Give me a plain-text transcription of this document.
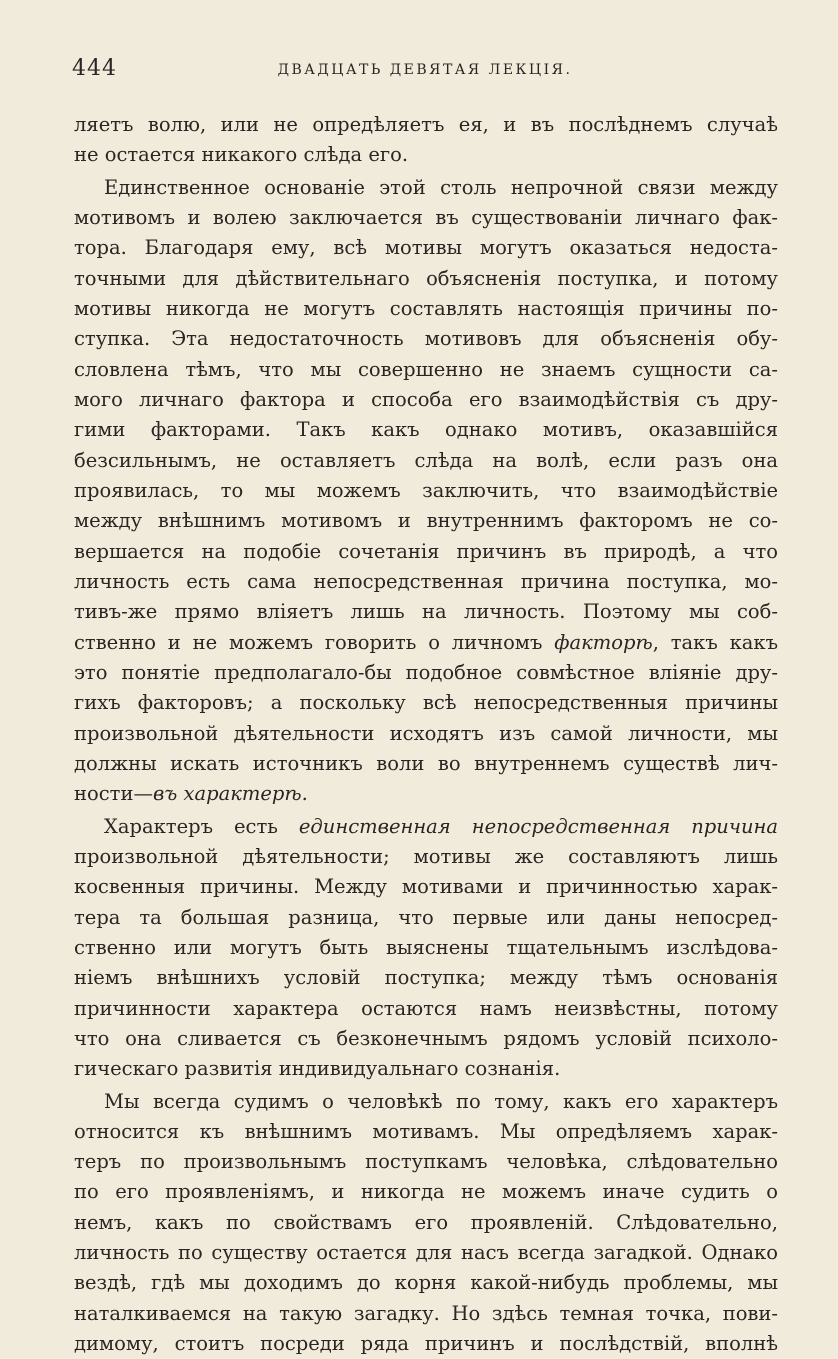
444	ДВАДЦАТЬ ДЕВЯТАЯ ЛЕКЦІЯ.
ляетъ волю, или не опредѣляетъ ея, и въ послѣднемъ случаѣ
не остается никакого слѣда его.
Единственное основаніе этой столь непрочной связи между
мотивомъ и волею заключается въ существованіи личнаго фак-
тора. Благодаря ему, всѣ мотивы могутъ оказаться недоста-
точными для дѣйствительнаго объясненія поступка, и потому
мотивы никогда не могутъ составлять настоящія причины по-
ступка. Эта недостаточность мотивовъ для объясненія обу-
словлена тѣмъ, что мы совершенно не знаемъ сущности са-
мого личнаго фактора и способа его взаимодѣйствія съ дру-
гими факторами. Такъ какъ однако мотивъ, оказавшійся
безсильнымъ, не оставляетъ слѣда на волѣ, если разъ она
проявилась, то мы можемъ заключить, что взаимодѣйствіе
между внѣшнимъ мотивомъ и внутреннимъ факторомъ не со-
вершается на подобіе сочетанія причинъ въ природѣ, а что
личность есть сама непосредственная причина поступка, мо-
тивъ-же прямо вліяетъ лишь на личность. Поэтому мы соб-
ственно и не можемъ говорить о личномъ факторѣ, такъ какъ
это понятіе предполагало-бы подобное совмѣстное вліяніе дру-
гихъ факторовъ; а поскольку всѣ непосредственныя причины
произвольной дѣятельности исходятъ изъ самой личности, мы
должны искать источникъ воли во внутреннемъ существѣ лич-
ности—въ характерѣ.
Характеръ есть единственная непосредственная причина
произвольной дѣятельности; мотивы же составляютъ лишь
косвенныя причины. Между мотивами и причинностью харак-
тера та большая разница, что первые или даны непосред-
ственно или могутъ быть выяснены тщательнымъ изслѣдова-
ніемъ внѣшнихъ условій поступка; между тѣмъ основанія
причинности характера остаются намъ неизвѣстны, потому
что она сливается съ безконечнымъ рядомъ условій психоло-
гическаго развитія индивидуальнаго сознанія.
Мы всегда судимъ о человѣкѣ по тому, какъ его характеръ
относится къ внѣшнимъ мотивамъ. Мы опредѣляемъ харак-
теръ по произвольнымъ поступкамъ человѣка, слѣдовательно
по его проявленіямъ, и никогда не можемъ иначе судить о
немъ, какъ по свойствамъ его проявленій. Слѣдовательно,
личность по существу остается для насъ всегда загадкой. Однако
вездѣ, гдѣ мы доходимъ до корня какой-нибудь проблемы, мы
наталкиваемся на такую загадку. Но здѣсь темная точка, пови-
димому, стоитъ посреди ряда причинъ и послѣдствій, вполнѣ
